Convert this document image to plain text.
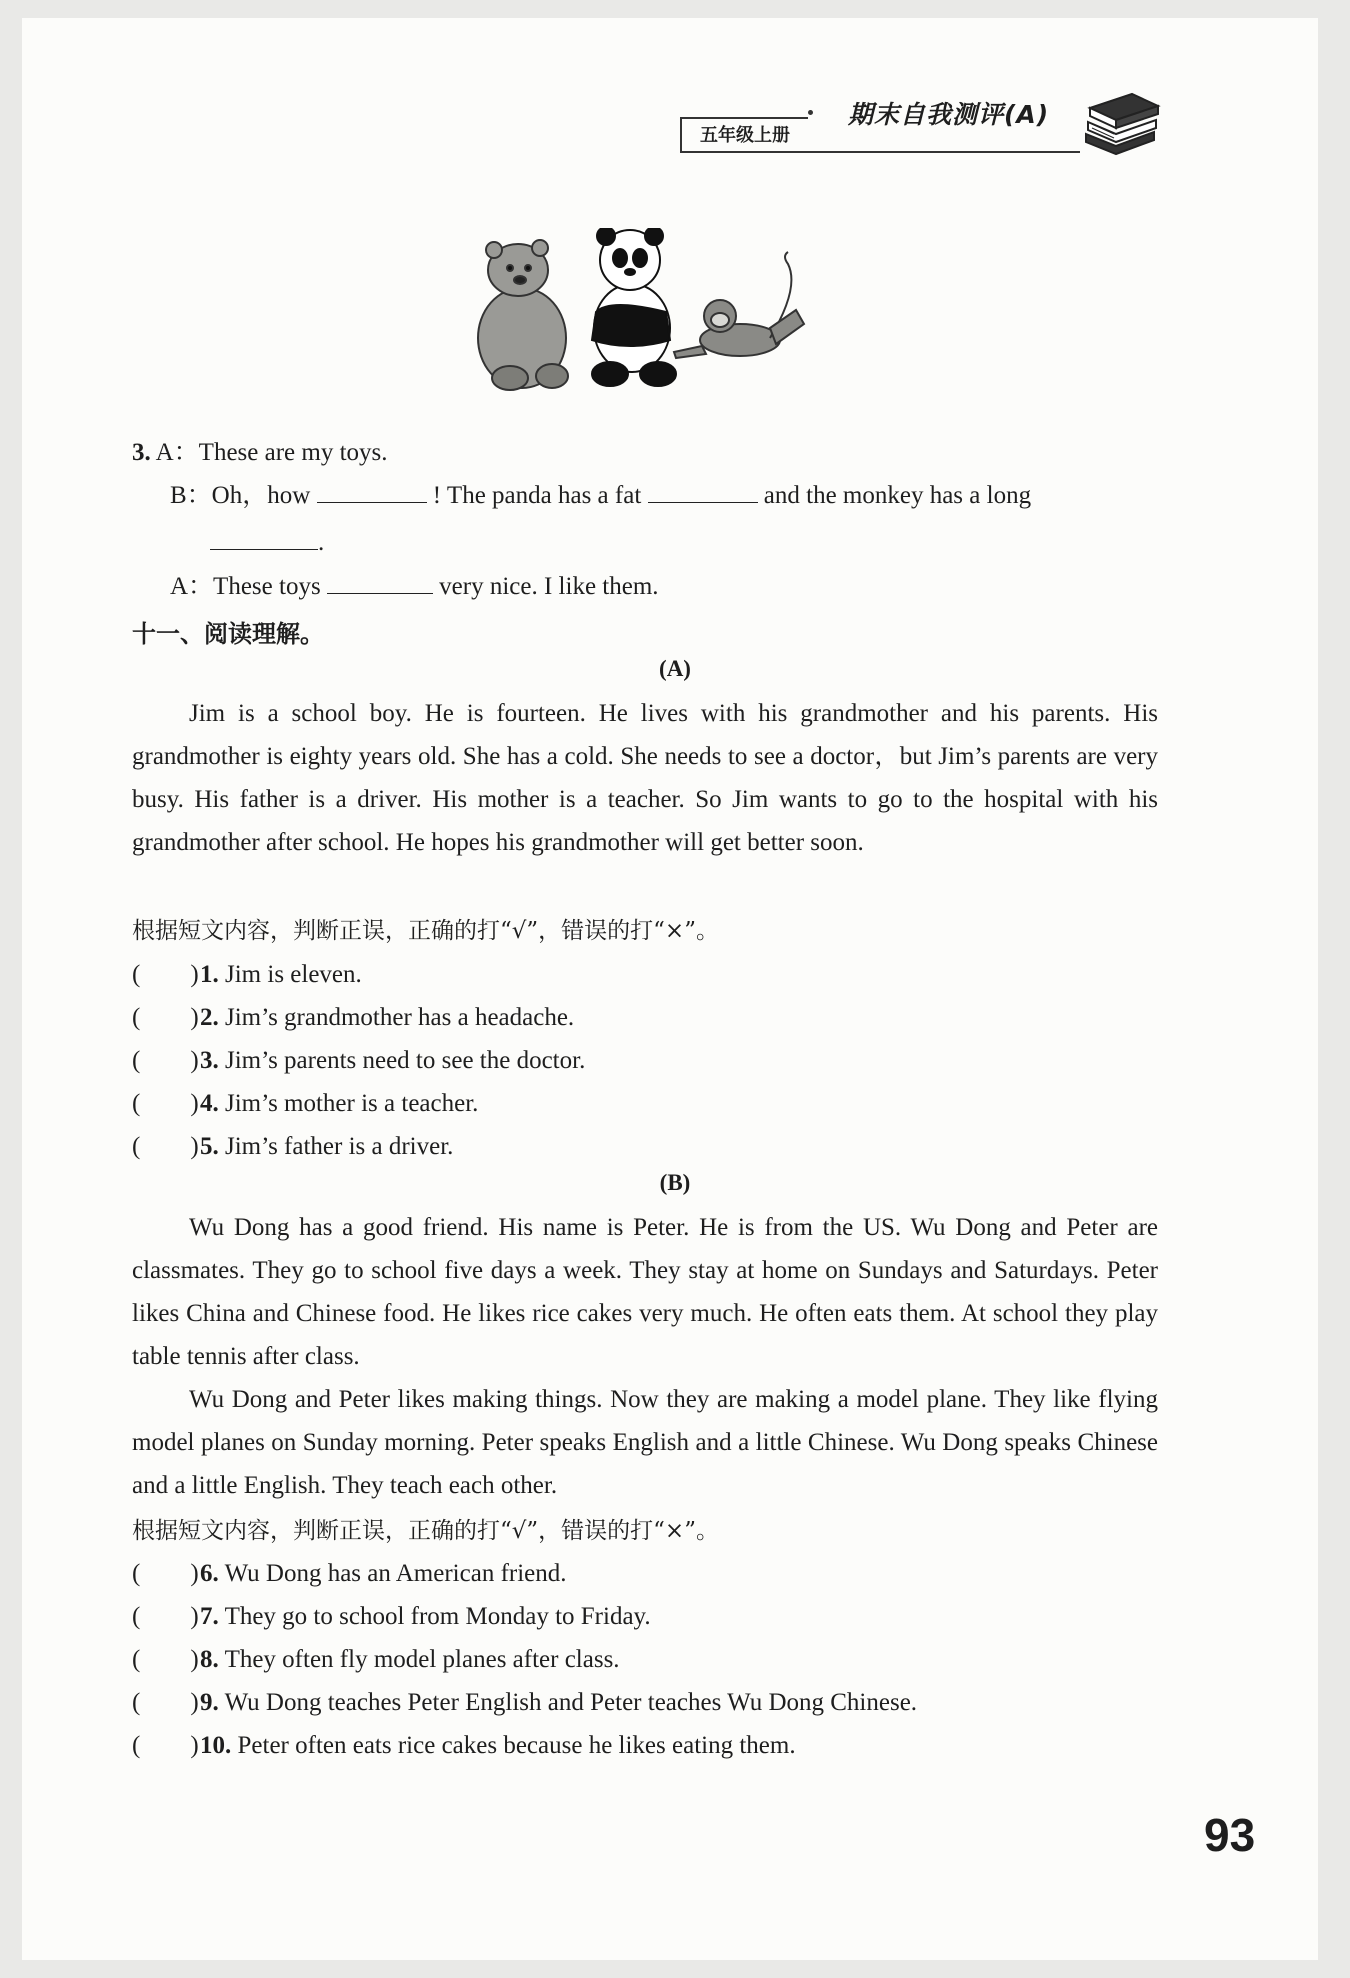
五年级上册
期末自我测评(A)
3. A：These are my toys.
B：Oh，how	! The panda has a fat	and the monkey has a long
.
A：These toys	very nice. I like them.
十一、阅读理解。
(A)
Jim is a school boy. He is fourteen. He lives with his grandmother and his parents. His grandmother is eighty years old. She has a cold. She needs to see a doctor，but Jim’s parents are very busy. His father is a driver. His mother is a teacher. So Jim wants to go to the hospital with his grandmother after school. He hopes his grandmother will get better soon.
根据短文内容，判断正误，正确的打“√”，错误的打“×”。
(　　)1. Jim is eleven.
(　　)2. Jim’s grandmother has a headache.
(　　)3. Jim’s parents need to see the doctor.
(　　)4. Jim’s mother is a teacher.
(　　)5. Jim’s father is a driver.
(B)
Wu Dong has a good friend. His name is Peter. He is from the US. Wu Dong and Peter are classmates. They go to school five days a week. They stay at home on Sundays and Saturdays. Peter likes China and Chinese food. He likes rice cakes very much. He often eats them. At school they play table tennis after class.
Wu Dong and Peter likes making things. Now they are making a model plane. They like flying model planes on Sunday morning. Peter speaks English and a little Chinese. Wu Dong speaks Chinese and a little English. They teach each other.
根据短文内容，判断正误，正确的打“√”，错误的打“×”。
(　　)6. Wu Dong has an American friend.
(　　)7. They go to school from Monday to Friday.
(　　)8. They often fly model planes after class.
(　　)9. Wu Dong teaches Peter English and Peter teaches Wu Dong Chinese.
(　　)10. Peter often eats rice cakes because he likes eating them.
93
